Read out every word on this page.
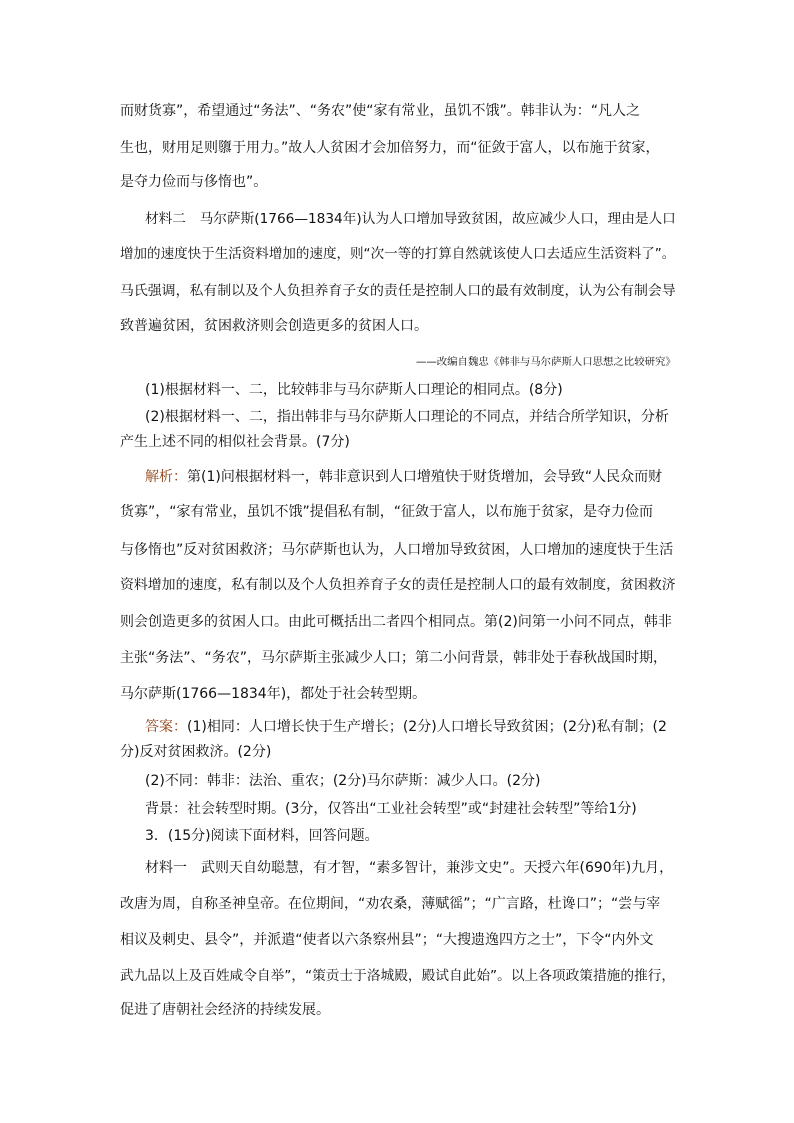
而财货寡”，希望通过“务法”、“务农”使“家有常业，虽饥不饿”。韩非认为：“凡人之
生也，财用足则隳于用力。”故人人贫困才会加倍努力，而“征敛于富人，以布施于贫家，
是夺力俭而与侈惰也”。
材料二　马尔萨斯(1766—1834年)认为人口增加导致贫困，故应减少人口，理由是人口
增加的速度快于生活资料增加的速度，则“次一等的打算自然就该使人口去适应生活资料了”。
马氏强调，私有制以及个人负担养育子女的责任是控制人口的最有效制度，认为公有制会导
致普遍贫困，贫困救济则会创造更多的贫困人口。
——改编自魏忠《韩非与马尔萨斯人口思想之比较研究》
(1)根据材料一、二，比较韩非与马尔萨斯人口理论的相同点。(8分)
(2)根据材料一、二，指出韩非与马尔萨斯人口理论的不同点，并结合所学知识，分析
产生上述不同的相似社会背景。(7分)
解析：第(1)问根据材料一，韩非意识到人口增殖快于财货增加，会导致“人民众而财
货寡”，“家有常业，虽饥不饿”提倡私有制，“征敛于富人，以布施于贫家，是夺力俭而
与侈惰也”反对贫困救济；马尔萨斯也认为，人口增加导致贫困，人口增加的速度快于生活
资料增加的速度，私有制以及个人负担养育子女的责任是控制人口的最有效制度，贫困救济
则会创造更多的贫困人口。由此可概括出二者四个相同点。第(2)问第一小问不同点，韩非
主张“务法”、“务农”，马尔萨斯主张减少人口；第二小问背景，韩非处于春秋战国时期，
马尔萨斯(1766—1834年)，都处于社会转型期。
答案：(1)相同：人口增长快于生产增长；(2分)人口增长导致贫困；(2分)私有制；(2
分)反对贫困救济。(2分)
(2)不同：韩非：法治、重农；(2分)马尔萨斯：减少人口。(2分)
背景：社会转型时期。(3分，仅答出“工业社会转型”或“封建社会转型”等给1分)
3．(15分)阅读下面材料，回答问题。
材料一　武则天自幼聪慧，有才智，“素多智计，兼涉文史”。天授六年(690年)九月，
改唐为周，自称圣神皇帝。在位期间，“劝农桑，薄赋徭”；“广言路，杜谗口”；“尝与宰
相议及刺史、县令”，并派遣“使者以六条察州县”；“大搜遗逸四方之士”，下令“内外文
武九品以上及百姓咸令自举”，“策贡士于洛城殿，殿试自此始”。以上各项政策措施的推行，
促进了唐朝社会经济的持续发展。
